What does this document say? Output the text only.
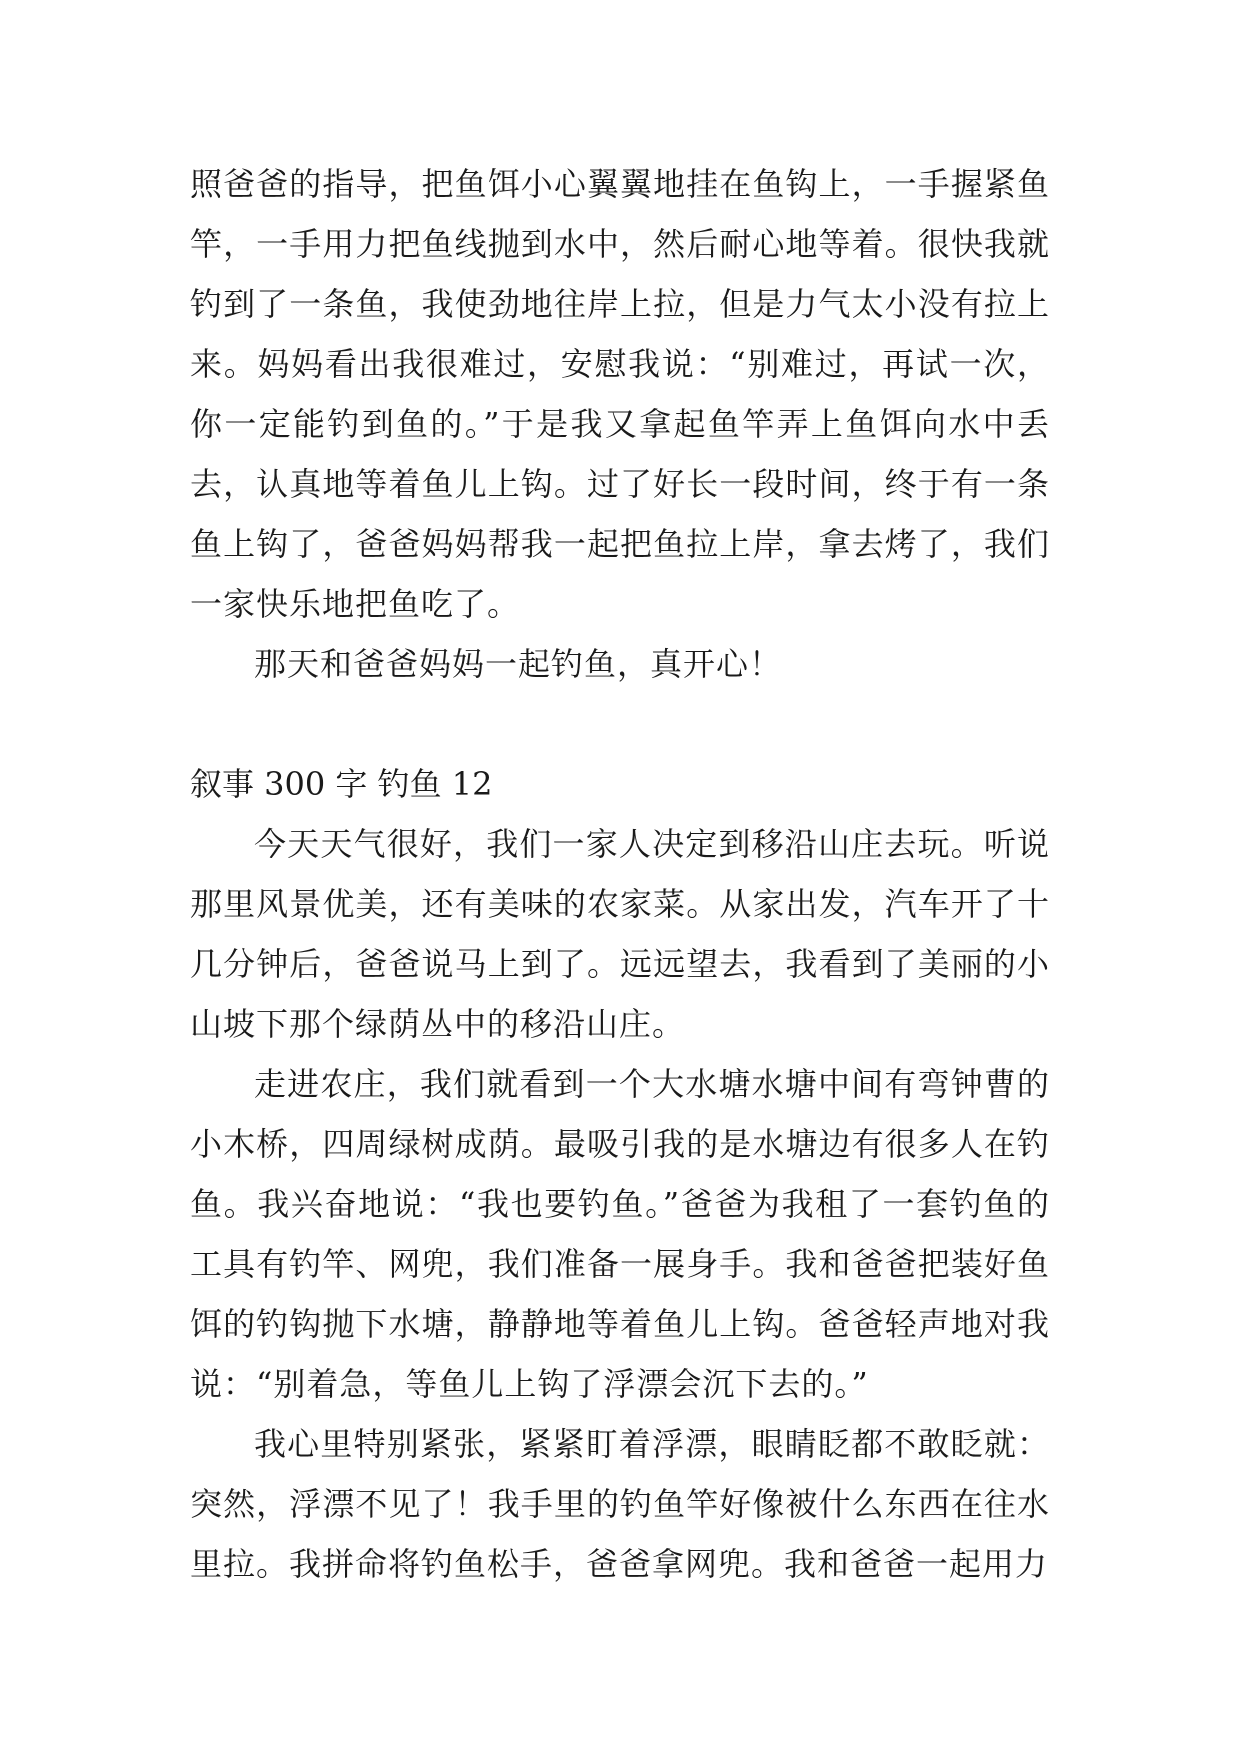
照爸爸的指导，把鱼饵小心翼翼地挂在鱼钩上，一手握紧鱼竿，一手用力把鱼线抛到水中，然后耐心地等着。很快我就钓到了一条鱼，我使劲地往岸上拉，但是力气太小没有拉上来。妈妈看出我很难过，安慰我说：“别难过，再试一次，你一定能钓到鱼的。”于是我又拿起鱼竿弄上鱼饵向水中丢去，认真地等着鱼儿上钩。过了好长一段时间，终于有一条鱼上钩了，爸爸妈妈帮我一起把鱼拉上岸，拿去烤了，我们一家快乐地把鱼吃了。

那天和爸爸妈妈一起钓鱼，真开心！

叙事 300 字 钓鱼 12

今天天气很好，我们一家人决定到移沿山庄去玩。听说那里风景优美，还有美味的农家菜。从家出发，汽车开了十几分钟后，爸爸说马上到了。远远望去，我看到了美丽的小山坡下那个绿荫丛中的移沿山庄。

走进农庄，我们就看到一个大水塘水塘中间有弯钟曹的小木桥，四周绿树成荫。最吸引我的是水塘边有很多人在钓鱼。我兴奋地说：“我也要钓鱼。”爸爸为我租了一套钓鱼的工具有钓竿、网兜，我们准备一展身手。我和爸爸把装好鱼饵的钓钩抛下水塘，静静地等着鱼儿上钩。爸爸轻声地对我说：“别着急，等鱼儿上钩了浮漂会沉下去的。”

我心里特别紧张，紧紧盯着浮漂，眼睛眨都不敢眨就：突然，浮漂不见了！我手里的钓鱼竿好像被什么东西在往水里拉。我拼命将钓鱼松手，爸爸拿网兜。我和爸爸一起用力
